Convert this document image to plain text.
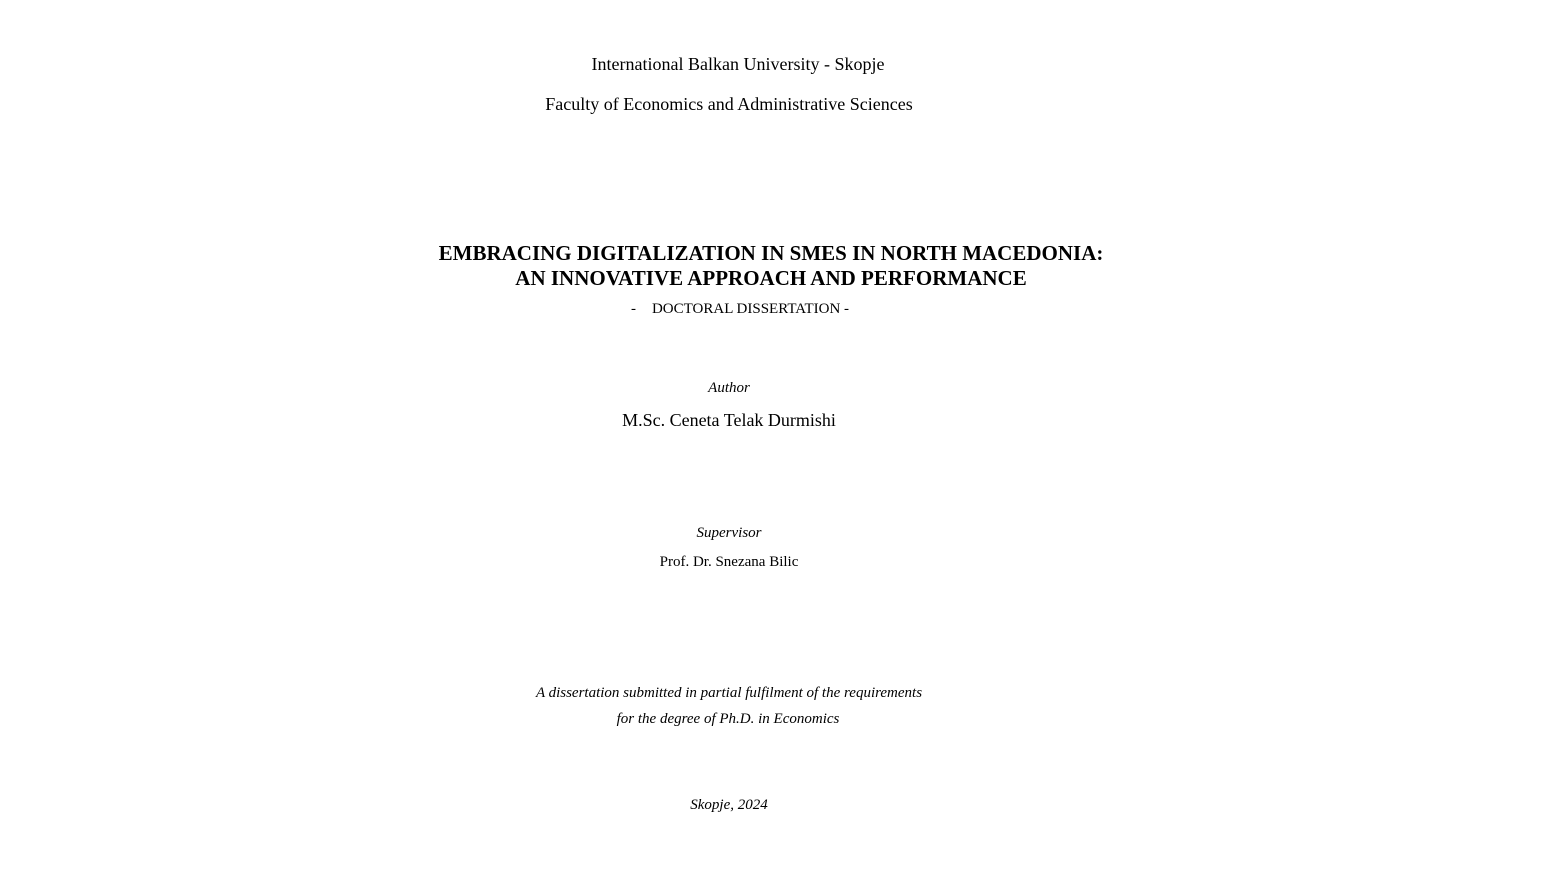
International Balkan University - Skopje
Faculty of Economics and Administrative Sciences
EMBRACING DIGITALIZATION IN SMES IN NORTH MACEDONIA:
AN INNOVATIVE APPROACH AND PERFORMANCE
- DOCTORAL DISSERTATION -
Author
M.Sc. Ceneta Telak Durmishi
Supervisor
Prof. Dr. Snezana Bilic
A dissertation submitted in partial fulfilment of the requirements
for the degree of Ph.D. in Economics
Skopje, 2024
